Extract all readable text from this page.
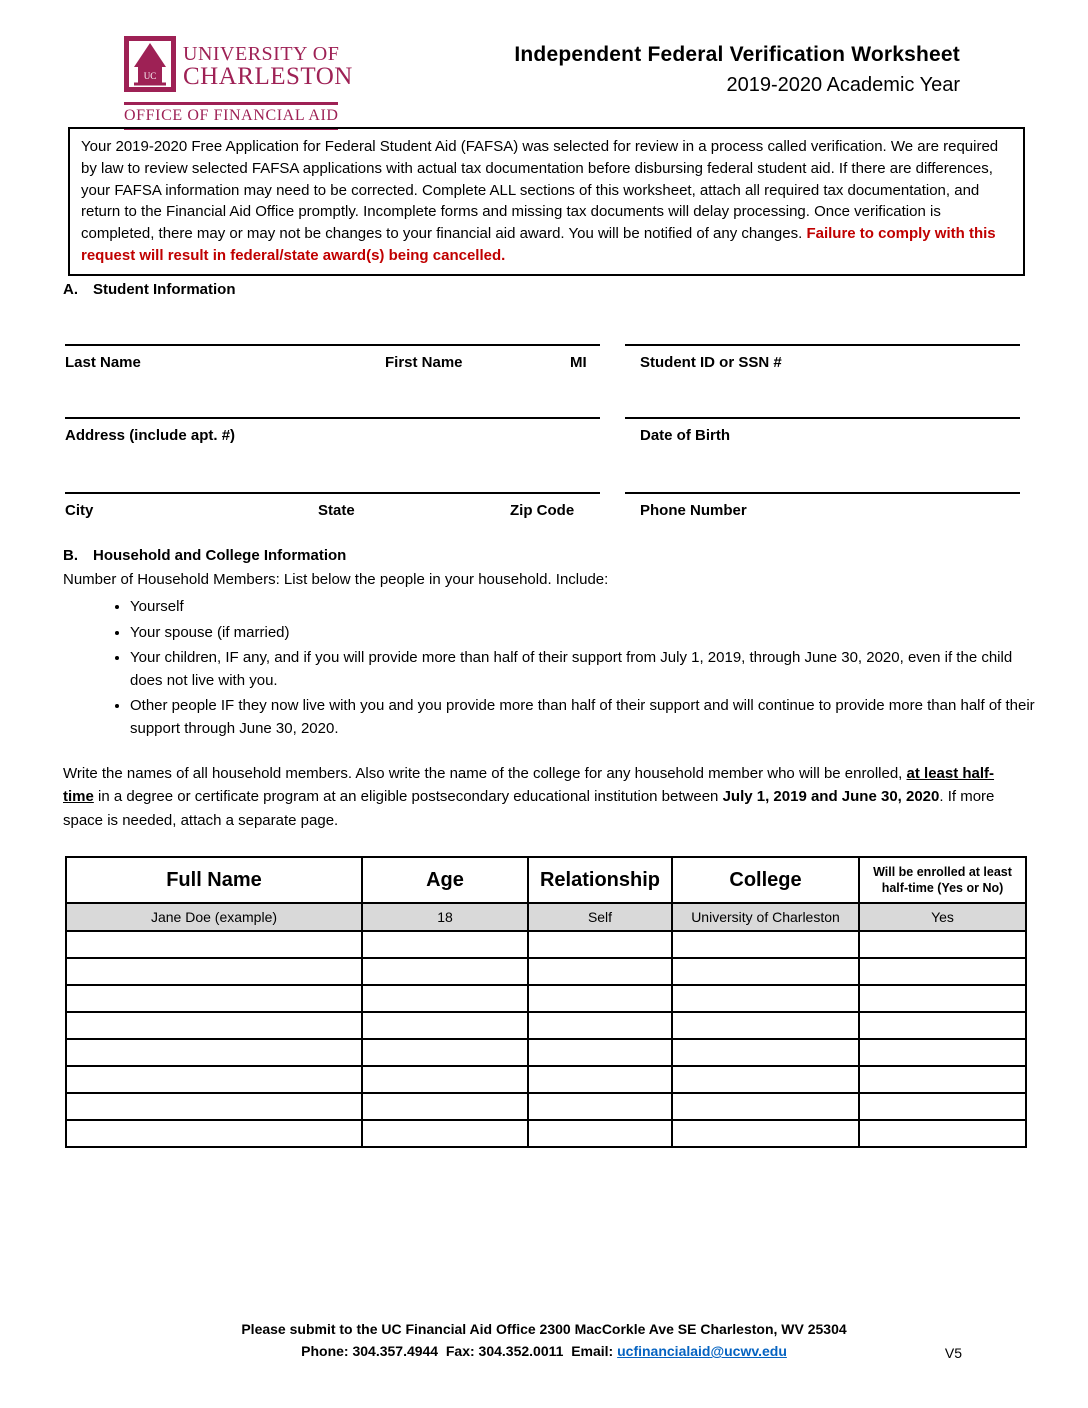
UC
UNIVERSITY OF
CHARLESTON
OFFICE OF FINANCIAL AID
Independent Federal Verification Worksheet
2019-2020 Academic Year
Your 2019-2020 Free Application for Federal Student Aid (FAFSA) was selected for review in a process called verification. We are required by law to review selected FAFSA applications with actual tax documentation before disbursing federal student aid. If there are differences, your FAFSA information may need to be corrected. Complete ALL sections of this worksheet, attach all required tax documentation, and return to the Financial Aid Office promptly. Incomplete forms and missing tax documents will delay processing. Once verification is completed, there may or may not be changes to your financial aid award. You will be notified of any changes. Failure to comply with this request will result in federal/state award(s) being cancelled.
A. Student Information
Last Name	First Name	MI	Student ID or SSN #
Address (include apt. #)	Date of Birth
City	State	Zip Code	Phone Number
B. Household and College Information
Number of Household Members: List below the people in your household. Include:
• Yourself
• Your spouse (if married)
• Your children, IF any, and if you will provide more than half of their support from July 1, 2019, through June 30, 2020, even if the child does not live with you.
• Other people IF they now live with you and you provide more than half of their support and will continue to provide more than half of their support through June 30, 2020.
Write the names of all household members. Also write the name of the college for any household member who will be enrolled, at least half-time in a degree or certificate program at an eligible postsecondary educational institution between July 1, 2019 and June 30, 2020. If more space is needed, attach a separate page.
Full Name	Age	Relationship	College	Will be enrolled at least half-time (Yes or No)
Jane Doe (example)	18	Self	University of Charleston	Yes

Please submit to the UC Financial Aid Office 2300 MacCorkle Ave SE Charleston, WV 25304
Phone: 304.357.4944  Fax: 304.352.0011  Email: ucfinancialaid@ucwv.edu	V5
